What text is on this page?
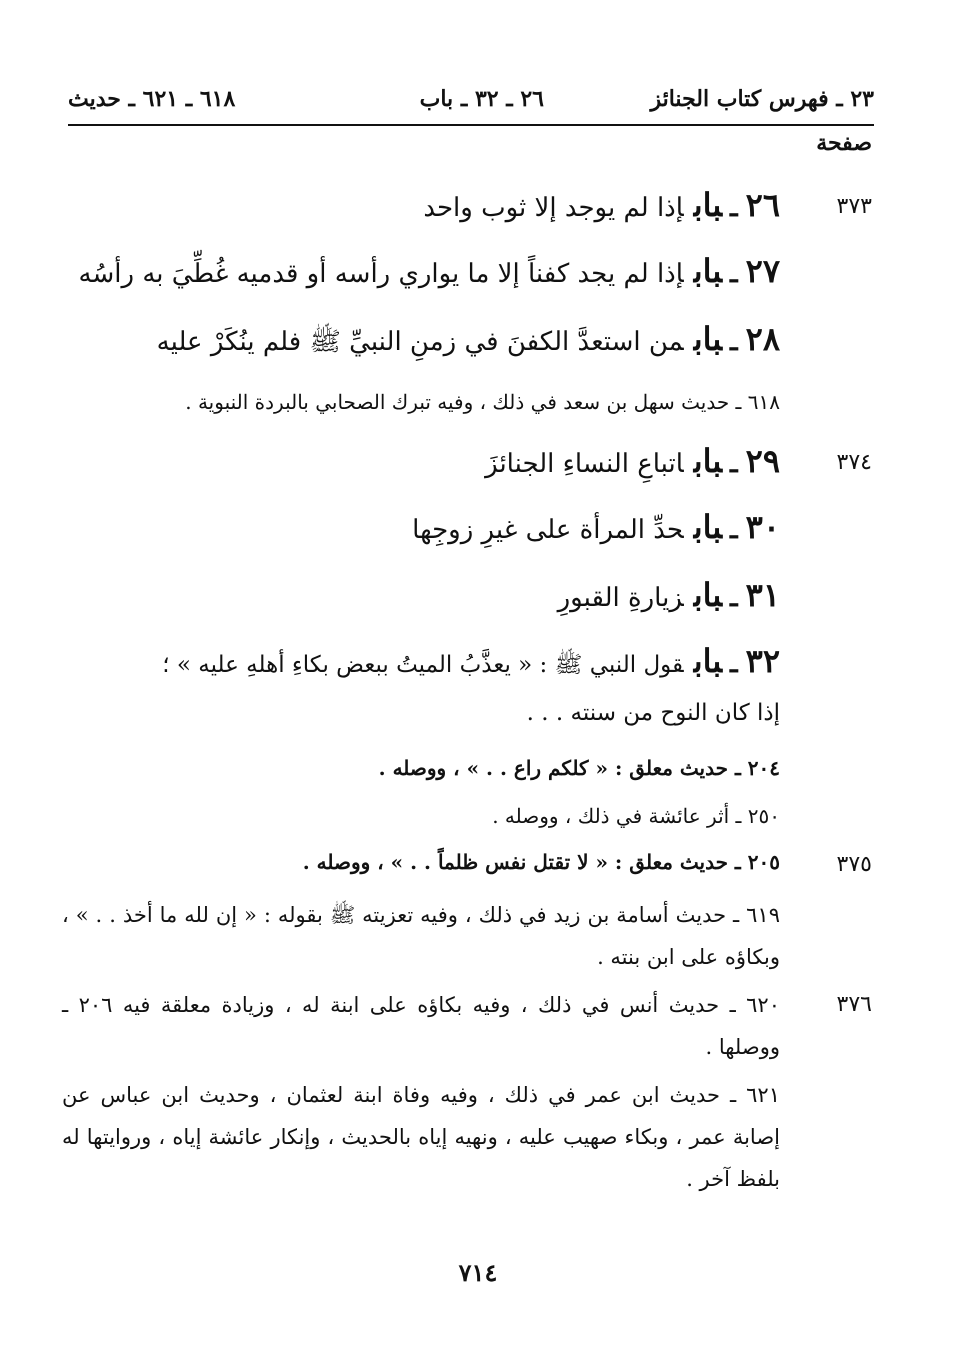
٢٣ ـ فهرس كتاب الجنائز
٢٦ ـ ٣٢ ـ باب
٦١٨ ـ ٦٢١ ـ حديث
صفحة
٣٧٣
٢٦ـبابإذا لم يوجد إلا ثوب واحد
٢٧ـبابإذا لم يجد كفناً إلا ما يواري رأسه أو قدميه غُطِّيَ به رأسُه
٢٨ـبابمن استعدَّ الكفنَ في زمنِ النبيِّ ﷺ فلم ينُكَرْ عليه
٦١٨ ـ حديث سهل بن سعد في ذلك ، وفيه تبرك الصحابي بالبردة النبوية .
٣٧٤
٢٩ـباباتباعِ النساءِ الجنائزَ
٣٠ـبابحدِّ المرأة على غيرِ زوجِها
٣١ـبابزيارةِ القبورِ
٣٢ـبابقول النبي ﷺ : « يعذَّبُ الميتُ ببعض بكاءِ أهلهِ عليه » ؛
إذا كان النوح من سنته . . .
٢٠٤ ـ حديث معلق : « كلكم راع . . » ، ووصله .
٢٥٠ ـ أثر عائشة في ذلك ، ووصله .
٣٧٥
٢٠٥ ـ حديث معلق : « لا تقتل نفس ظلماً . . » ، ووصله .
٦١٩ ـ حديث أسامة بن زيد في ذلك ، وفيه تعزيته ﷺ بقوله : « إن لله ما أخذ . . » ، وبكاؤه على ابن بنته .
٣٧٦
٦٢٠ ـ حديث أنس في ذلك ، وفيه بكاؤه على ابنة له ، وزيادة معلقة فيه ٢٠٦ ـ ووصلها .
٦٢١ ـ حديث ابن عمر في ذلك ، وفيه وفاة ابنة لعثمان ، وحديث ابن عباس عن إصابة عمر ، وبكاء صهيب عليه ، ونهيه إياه بالحديث ، وإنكار عائشة إياه ، وروايتها له بلفظ آخر .
٧١٤
